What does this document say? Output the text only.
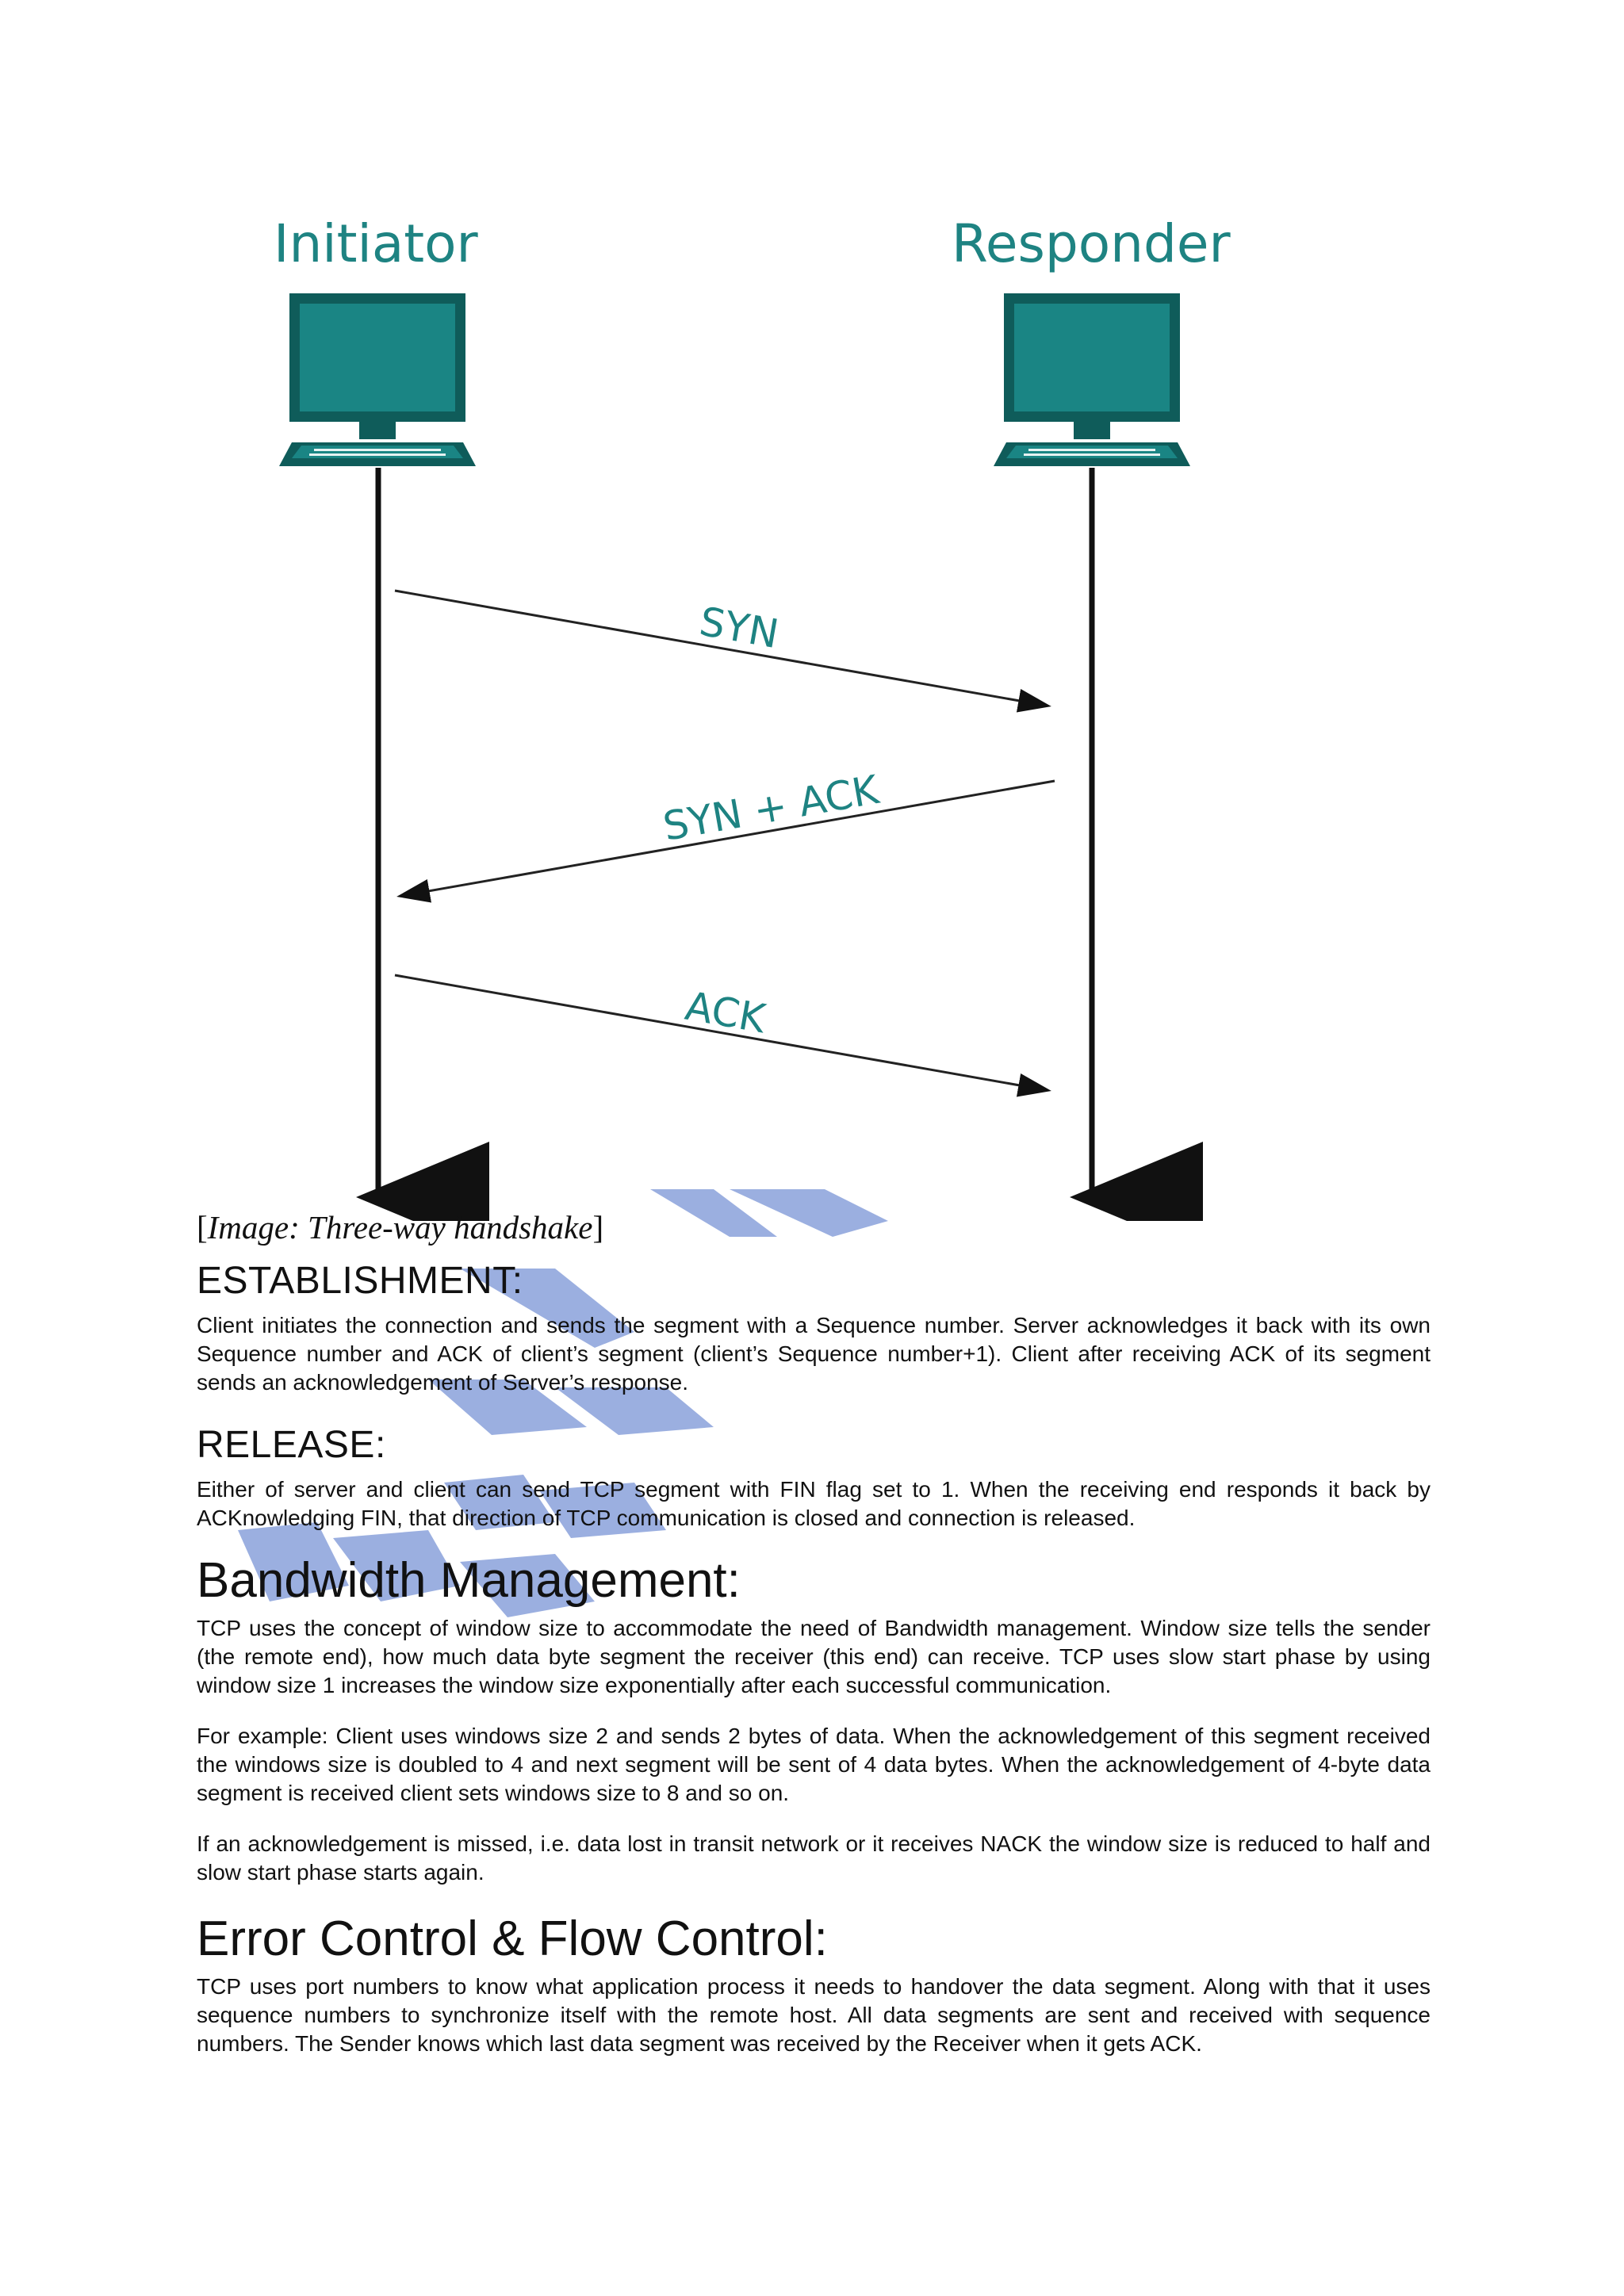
Initiator	Responder
SYN
SYN + ACK
ACK
[Image: Three-way handshake]
ESTABLISHMENT:

Client initiates the connection and sends the segment with a Sequence number. Server acknowledges it back with its own Sequence number and ACK of client’s segment (client’s Sequence number+1). Client after receiving ACK of its segment sends an acknowledgement of Server’s response.

RELEASE:

Either of server and client can send TCP segment with FIN flag set to 1. When the receiving end responds it back by ACKnowledging FIN, that direction of TCP communication is closed and connection is released.

Bandwidth Management:

TCP uses the concept of window size to accommodate the need of Bandwidth management. Window size tells the sender (the remote end), how much data byte segment the receiver (this end) can receive. TCP uses slow start phase by using window size 1 increases the window size exponentially after each successful communication.

For example: Client uses windows size 2 and sends 2 bytes of data. When the acknowledgement of this segment received the windows size is doubled to 4 and next segment will be sent of 4 data bytes. When the acknowledgement of 4-byte data segment is received client sets windows size to 8 and so on.

If an acknowledgement is missed, i.e. data lost in transit network or it receives NACK the window size is reduced to half and slow start phase starts again.

Error Control & Flow Control:

TCP uses port numbers to know what application process it needs to handover the data segment. Along with that it uses sequence numbers to synchronize itself with the remote host. All data segments are sent and received with sequence numbers. The Sender knows which last data segment was received by the Receiver when it gets ACK.
